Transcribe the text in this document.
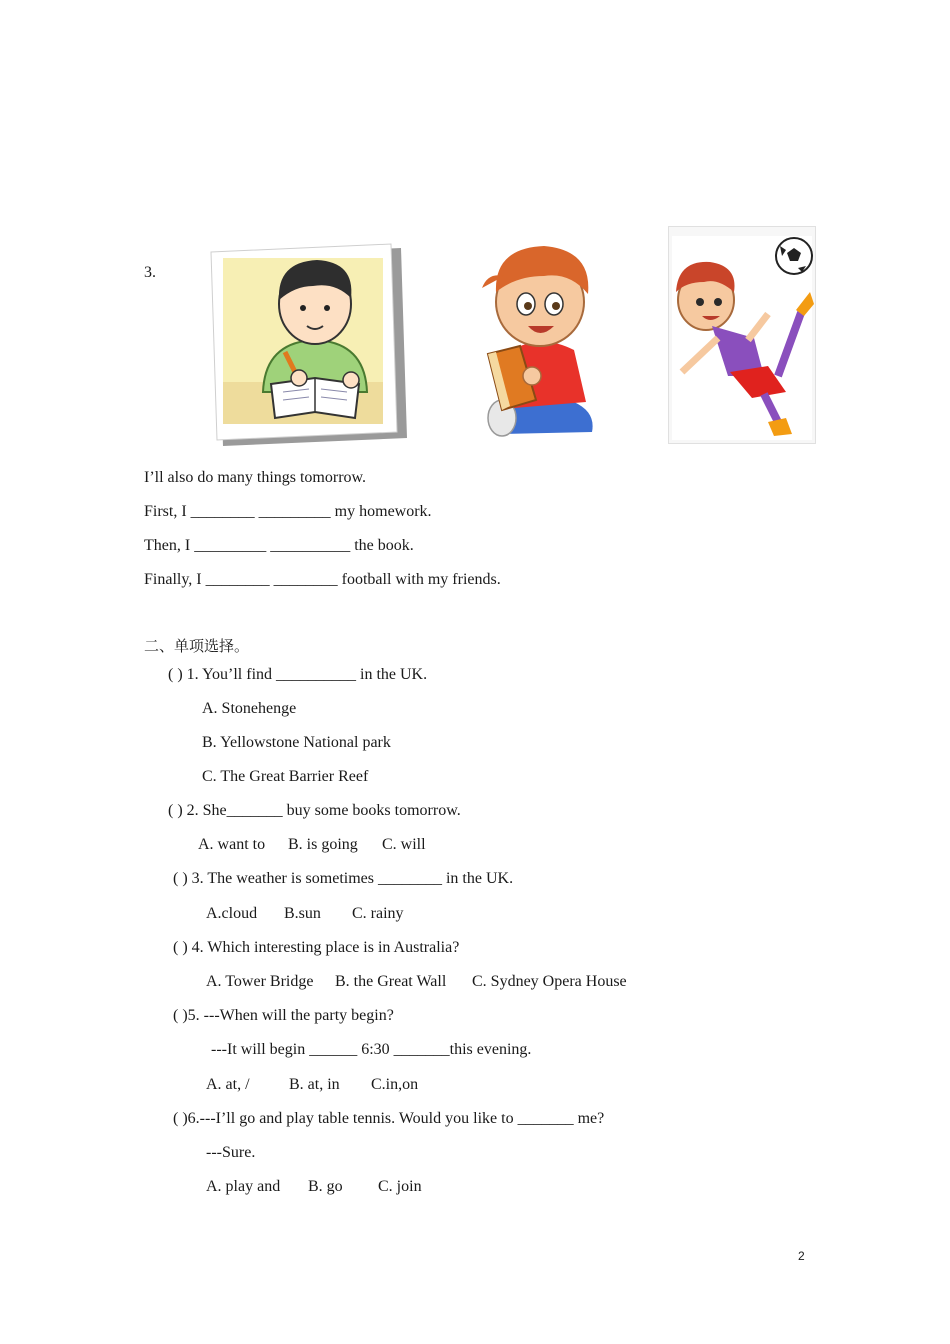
3.
I’ll also do many things tomorrow.
First, I ________ _________ my homework.
Then, I _________ __________ the book.
Finally, I ________ ________ football with my friends.
二、单项选择。
( ) 1. You’ll find __________ in the UK.
A. Stonehenge
B. Yellowstone National park
C. The Great Barrier Reef
( ) 2. She_______ buy some books tomorrow.
A. want to B. is going C. will
( ) 3. The weather is sometimes ________ in the UK.
A.cloud B.sun C. rainy
( ) 4. Which interesting place is in Australia?
A. Tower Bridge B. the Great Wall C. Sydney Opera House
( )5. ---When will the party begin?
---It will begin ______ 6:30 _______this evening.
A. at, / B. at, in C.in,on
( )6.---I’ll go and play table tennis. Would you like to _______ me?
---Sure.
A. play and B. go C. join
2
